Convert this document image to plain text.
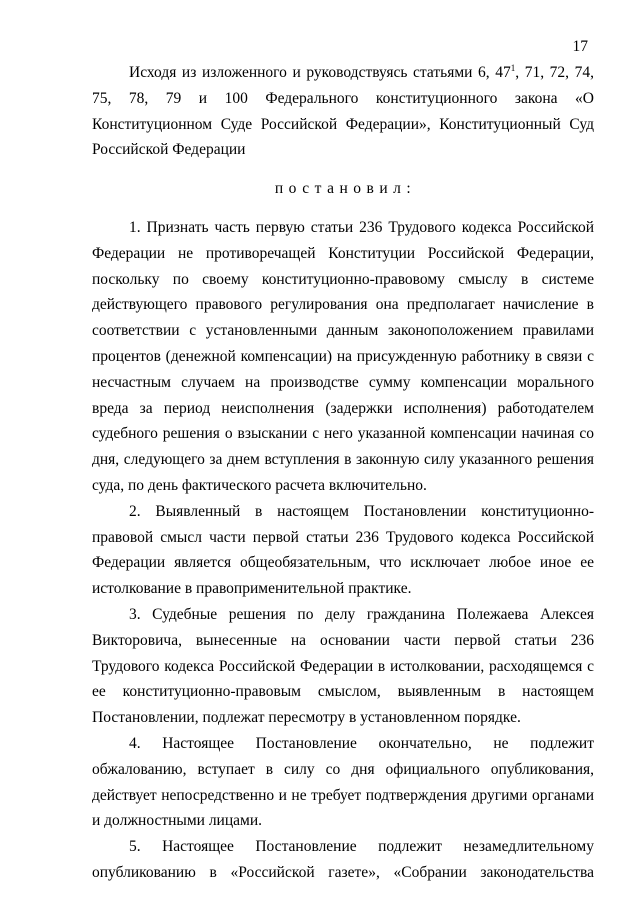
17

Исходя из изложенного и руководствуясь статьями 6, $47^1$, 71, 72, 74, 75, 78, 79 и 100 Федерального конституционного закона «О Конституционном Суде Российской Федерации», Конституционный Суд Российской Федерации

постановил:

1. Признать часть первую статьи 236 Трудового кодекса Российской Федерации не противоречащей Конституции Российской Федерации, поскольку по своему конституционно-правовому смыслу в системе действующего правового регулирования она предполагает начисление в соответствии с установленными данным законоположением правилами процентов (денежной компенсации) на присужденную работнику в связи с несчастным случаем на производстве сумму компенсации морального вреда за период неисполнения (задержки исполнения) работодателем судебного решения о взыскании с него указанной компенсации начиная со дня, следующего за днем вступления в законную силу указанного решения суда, по день фактического расчета включительно.

2. Выявленный в настоящем Постановлении конституционно-правовой смысл части первой статьи 236 Трудового кодекса Российской Федерации является общеобязательным, что исключает любое иное ее истолкование в правоприменительной практике.

3. Судебные решения по делу гражданина Полежаева Алексея Викторовича, вынесенные на основании части первой статьи 236 Трудового кодекса Российской Федерации в истолковании, расходящемся с ее конституционно-правовым смыслом, выявленным в настоящем Постановлении, подлежат пересмотру в установленном порядке.

4. Настоящее Постановление окончательно, не подлежит обжалованию, вступает в силу со дня официального опубликования, действует непосредственно и не требует подтверждения другими органами и должностными лицами.

5. Настоящее Постановление подлежит незамедлительному опубликованию в «Российской газете», «Собрании законодательства
